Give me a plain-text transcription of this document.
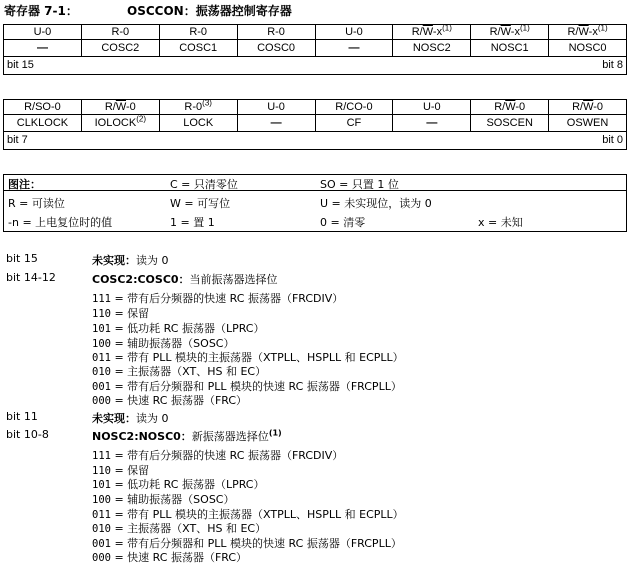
寄存器 7-1：	OSCCON：振荡器控制寄存器
U-0	R-0	R-0	R-0	U-0	$R/\overline{W}-x^{(1)}$	$R/\overline{W}-x^{(1)}$	$R/\overline{W}-x^{(1)}$
—	COSC2	COSC1	COSC0	—	NOSC2	NOSC1	NOSC0

bit 15 bit 8							
R/SO-0	$R/\overline{W}-0$	R-0$^{(3)}$	U-0	R/CO-0	U-0	$R/\overline{W}-0$	$R/\overline{W}-0$
CLKLOCK	IOLOCK$^{(2)}$	LOCK	—	CF	—	SOSCEN	OSWEN

bit 7 bit 0							
图注：	C = 只清零位	SO = 只置 1 位
R = 可读位	W = 可写位	U = 未实现位，读为 0
-n = 上电复位时的值	1 = 置 1	0 = 清零	x = 未知
bit 15	未实现：读为 0
bit 14-12	COSC2:COSC0：当前振荡器选择位
111 = 带有后分频器的快速 RC 振荡器（FRCDIV）
110 = 保留
101 = 低功耗 RC 振荡器（LPRC）
100 = 辅助振荡器（SOSC）
011 = 带有 PLL 模块的主振荡器（XTPLL、HSPLL 和 ECPLL）
010 = 主振荡器（XT、HS 和 EC）
001 = 带有后分频器和 PLL 模块的快速 RC 振荡器（FRCPLL）
000 = 快速 RC 振荡器（FRC）
bit 11	未实现：读为 0
bit 10-8	NOSC2:NOSC0：新振荡器选择位$^{(1)}$
111 = 带有后分频器的快速 RC 振荡器（FRCDIV）
110 = 保留
101 = 低功耗 RC 振荡器（LPRC）
100 = 辅助振荡器（SOSC）
011 = 带有 PLL 模块的主振荡器（XTPLL、HSPLL 和 ECPLL）
010 = 主振荡器（XT、HS 和 EC）
001 = 带有后分频器和 PLL 模块的快速 RC 振荡器（FRCPLL）
000 = 快速 RC 振荡器（FRC）
